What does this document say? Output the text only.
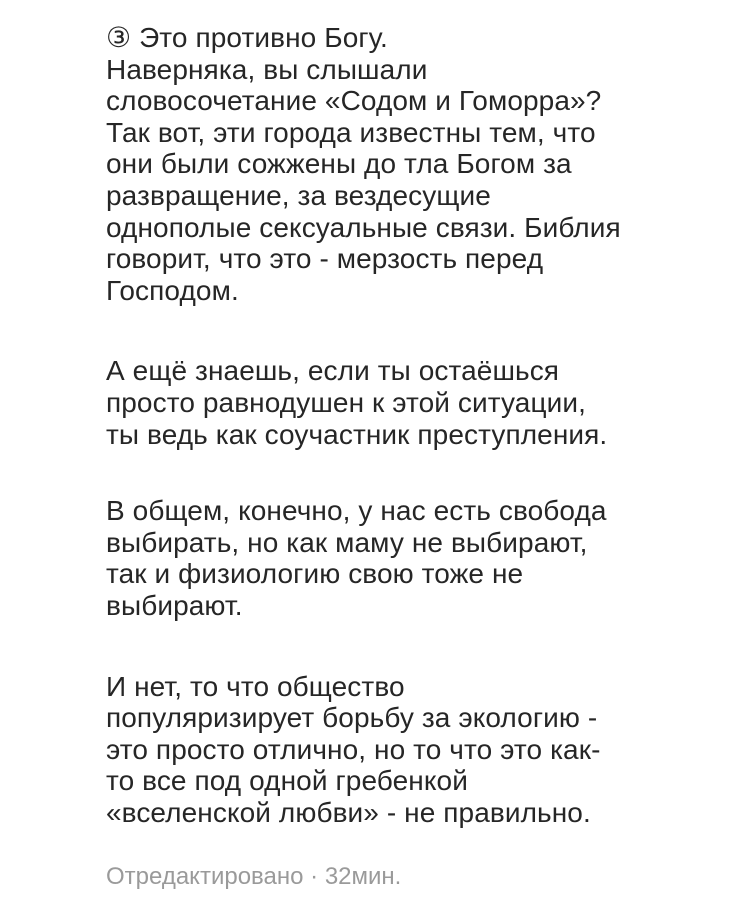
③ Это противно Богу.

Наверняка, вы слышали
словосочетание «Содом и Гоморра»?
Так вот, эти города известны тем, что
они были сожжены до тла Богом за
развращение, за вездесущие
однополые сексуальные связи. Библия
говорит, что это - мерзость перед
Господом.

А ещё знаешь, если ты остаёшься
просто равнодушен к этой ситуации,
ты ведь как соучастник преступления.

В общем, конечно, у нас есть свобода
выбирать, но как маму не выбирают,
так и физиологию свою тоже не
выбирают.

И нет, то что общество
популяризирует борьбу за экологию -
это просто отлично, но то что это как-
то все под одной гребенкой
«вселенской любви» - не правильно.

Отредактировано · 32мин.
